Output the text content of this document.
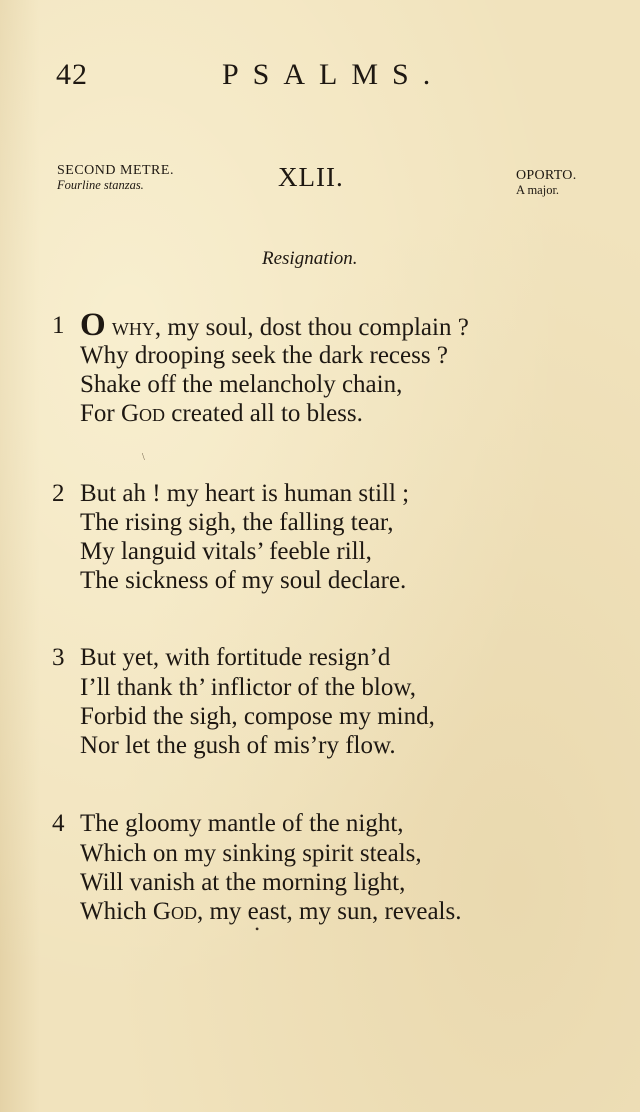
42	PSALMS.
SECOND METRE.
Fourline stanzas.	XLII.	OPORTO.
A major.
Resignation.
1 O why, my soul, dost thou complain ?
Why drooping seek the dark recess ?
Shake off the melancholy chain,
For God created all to bless.
\
2 But ah ! my heart is human still ;
The rising sigh, the falling tear,
My languid vitals’ feeble rill,
The sickness of my soul declare.
3 But yet, with fortitude resign’d
I’ll thank th’ inflictor of the blow,
Forbid the sigh, compose my mind,
Nor let the gush of mis’ry flow.
4 The gloomy mantle of the night,
Which on my sinking spirit steals,
Will vanish at the morning light,
Which God, my east, my sun, reveals.
•
